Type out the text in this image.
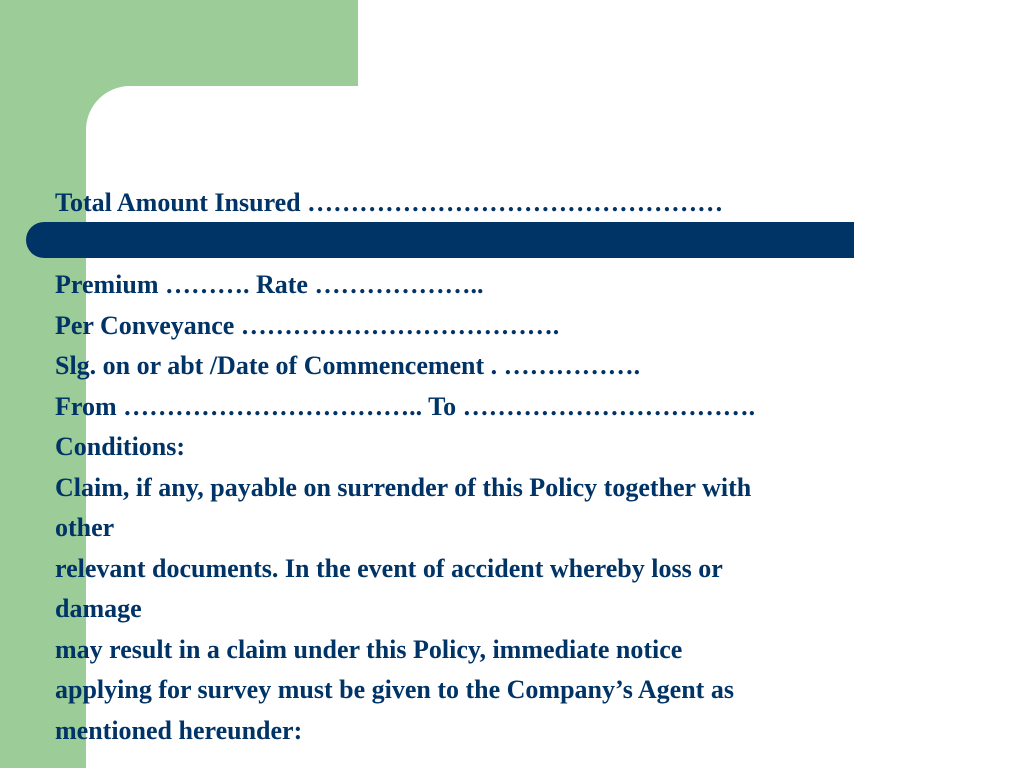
Total Amount Insured …………………………………………
Premium ………. Rate ………………..
Per Conveyance ……………………………….
Slg. on or abt /Date of Commencement . …………….
From …………………………….. To …………………………….
Conditions:
Claim, if any, payable on surrender of this Policy together with
other
relevant documents. In the event of accident whereby loss or
damage
may result in a claim under this Policy, immediate notice
applying for survey must be given to the Company’s Agent as
mentioned hereunder:
